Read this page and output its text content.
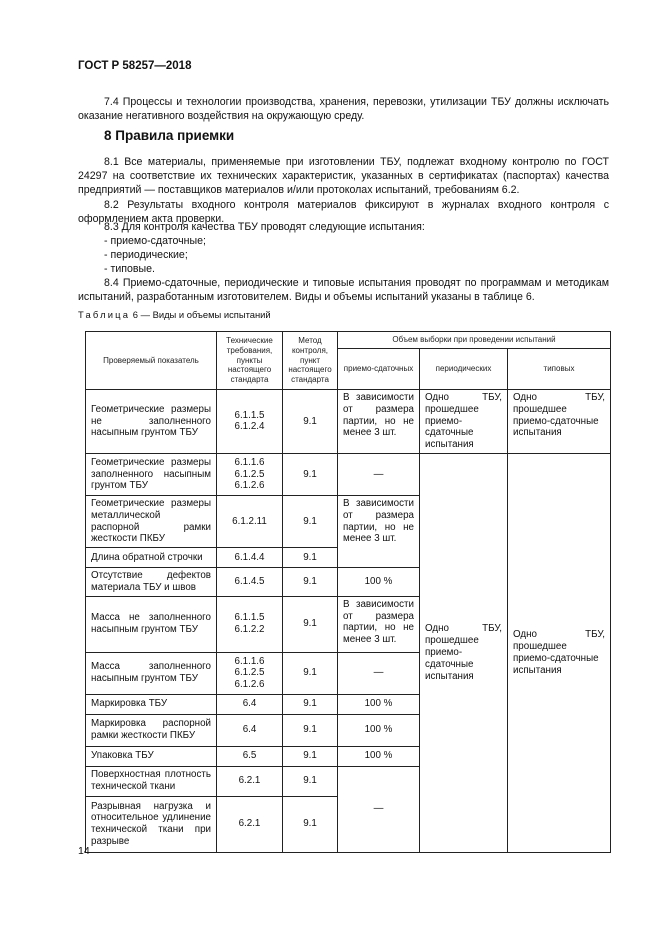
ГОСТ Р 58257—2018

7.4 Процессы и технологии производства, хранения, перевозки, утилизации ТБУ должны исключать оказание негативного воздействия на окружающую среду.

8 Правила приемки

8.1 Все материалы, применяемые при изготовлении ТБУ, подлежат входному контролю по ГОСТ 24297 на соответствие их технических характеристик, указанных в сертификатах (паспортах) качества предприятий — поставщиков материалов и/или протоколах испытаний, требованиям 6.2.

8.2 Результаты входного контроля материалов фиксируют в журналах входного контроля с оформлением акта проверки.

8.3 Для контроля качества ТБУ проводят следующие испытания:

- приемо-сдаточные;

- периодические;

- типовые.

8.4 Приемо-сдаточные, периодические и типовые испытания проводят по программам и методикам испытаний, разработанным изготовителем. Виды и объемы испытаний указаны в таблице 6.

Таблица 6 — Виды и объемы испытаний
Проверяемый показатель	Технические требования, пункты настоящего стандарта	Метод контроля, пункт настоящего стандарта	Объем выборки при проведении испытаний		
			приемо-сдаточных	периодических	типовых
Геометрические размеры не заполненного насыпным грунтом ТБУ	6.1.1.5
6.1.2.4	9.1	В зависимости от размера партии, но не менее 3 шт.	Одно ТБУ, прошедшее приемо-сдаточные испытания	Одно ТБУ, прошедшее приемо-сдаточные испытания
Геометрические размеры заполненного насыпным грунтом ТБУ	6.1.1.6
6.1.2.5
6.1.2.6	9.1	—	Одно ТБУ, прошедшее приемо-сдаточные испытания	Одно ТБУ, прошедшее приемо-сдаточные испытания
Геометрические размеры металлической распорной рамки жесткости ПКБУ	6.1.2.11	9.1	В зависимости от размера партии, но не менее 3 шт.		
Длина обратной строчки	6.1.4.4	9.1			
Отсутствие дефектов материала ТБУ и швов	6.1.4.5	9.1	100 %		
Масса не заполненного насыпным грунтом ТБУ	6.1.1.5
6.1.2.2	9.1	В зависимости от размера партии, но не менее 3 шт.		
Масса заполненного насыпным грунтом ТБУ	6.1.1.6
6.1.2.5
6.1.2.6	9.1	—		
Маркировка ТБУ	6.4	9.1	100 %		
Маркировка распорной рамки жесткости ПКБУ	6.4	9.1	100 %		
Упаковка ТБУ	6.5	9.1	100 %		
Поверхностная плотность технической ткани	6.2.1	9.1	—		
Разрывная нагрузка и относительное удлинение технической ткани при разрыве	6.2.1	9.1			
14
